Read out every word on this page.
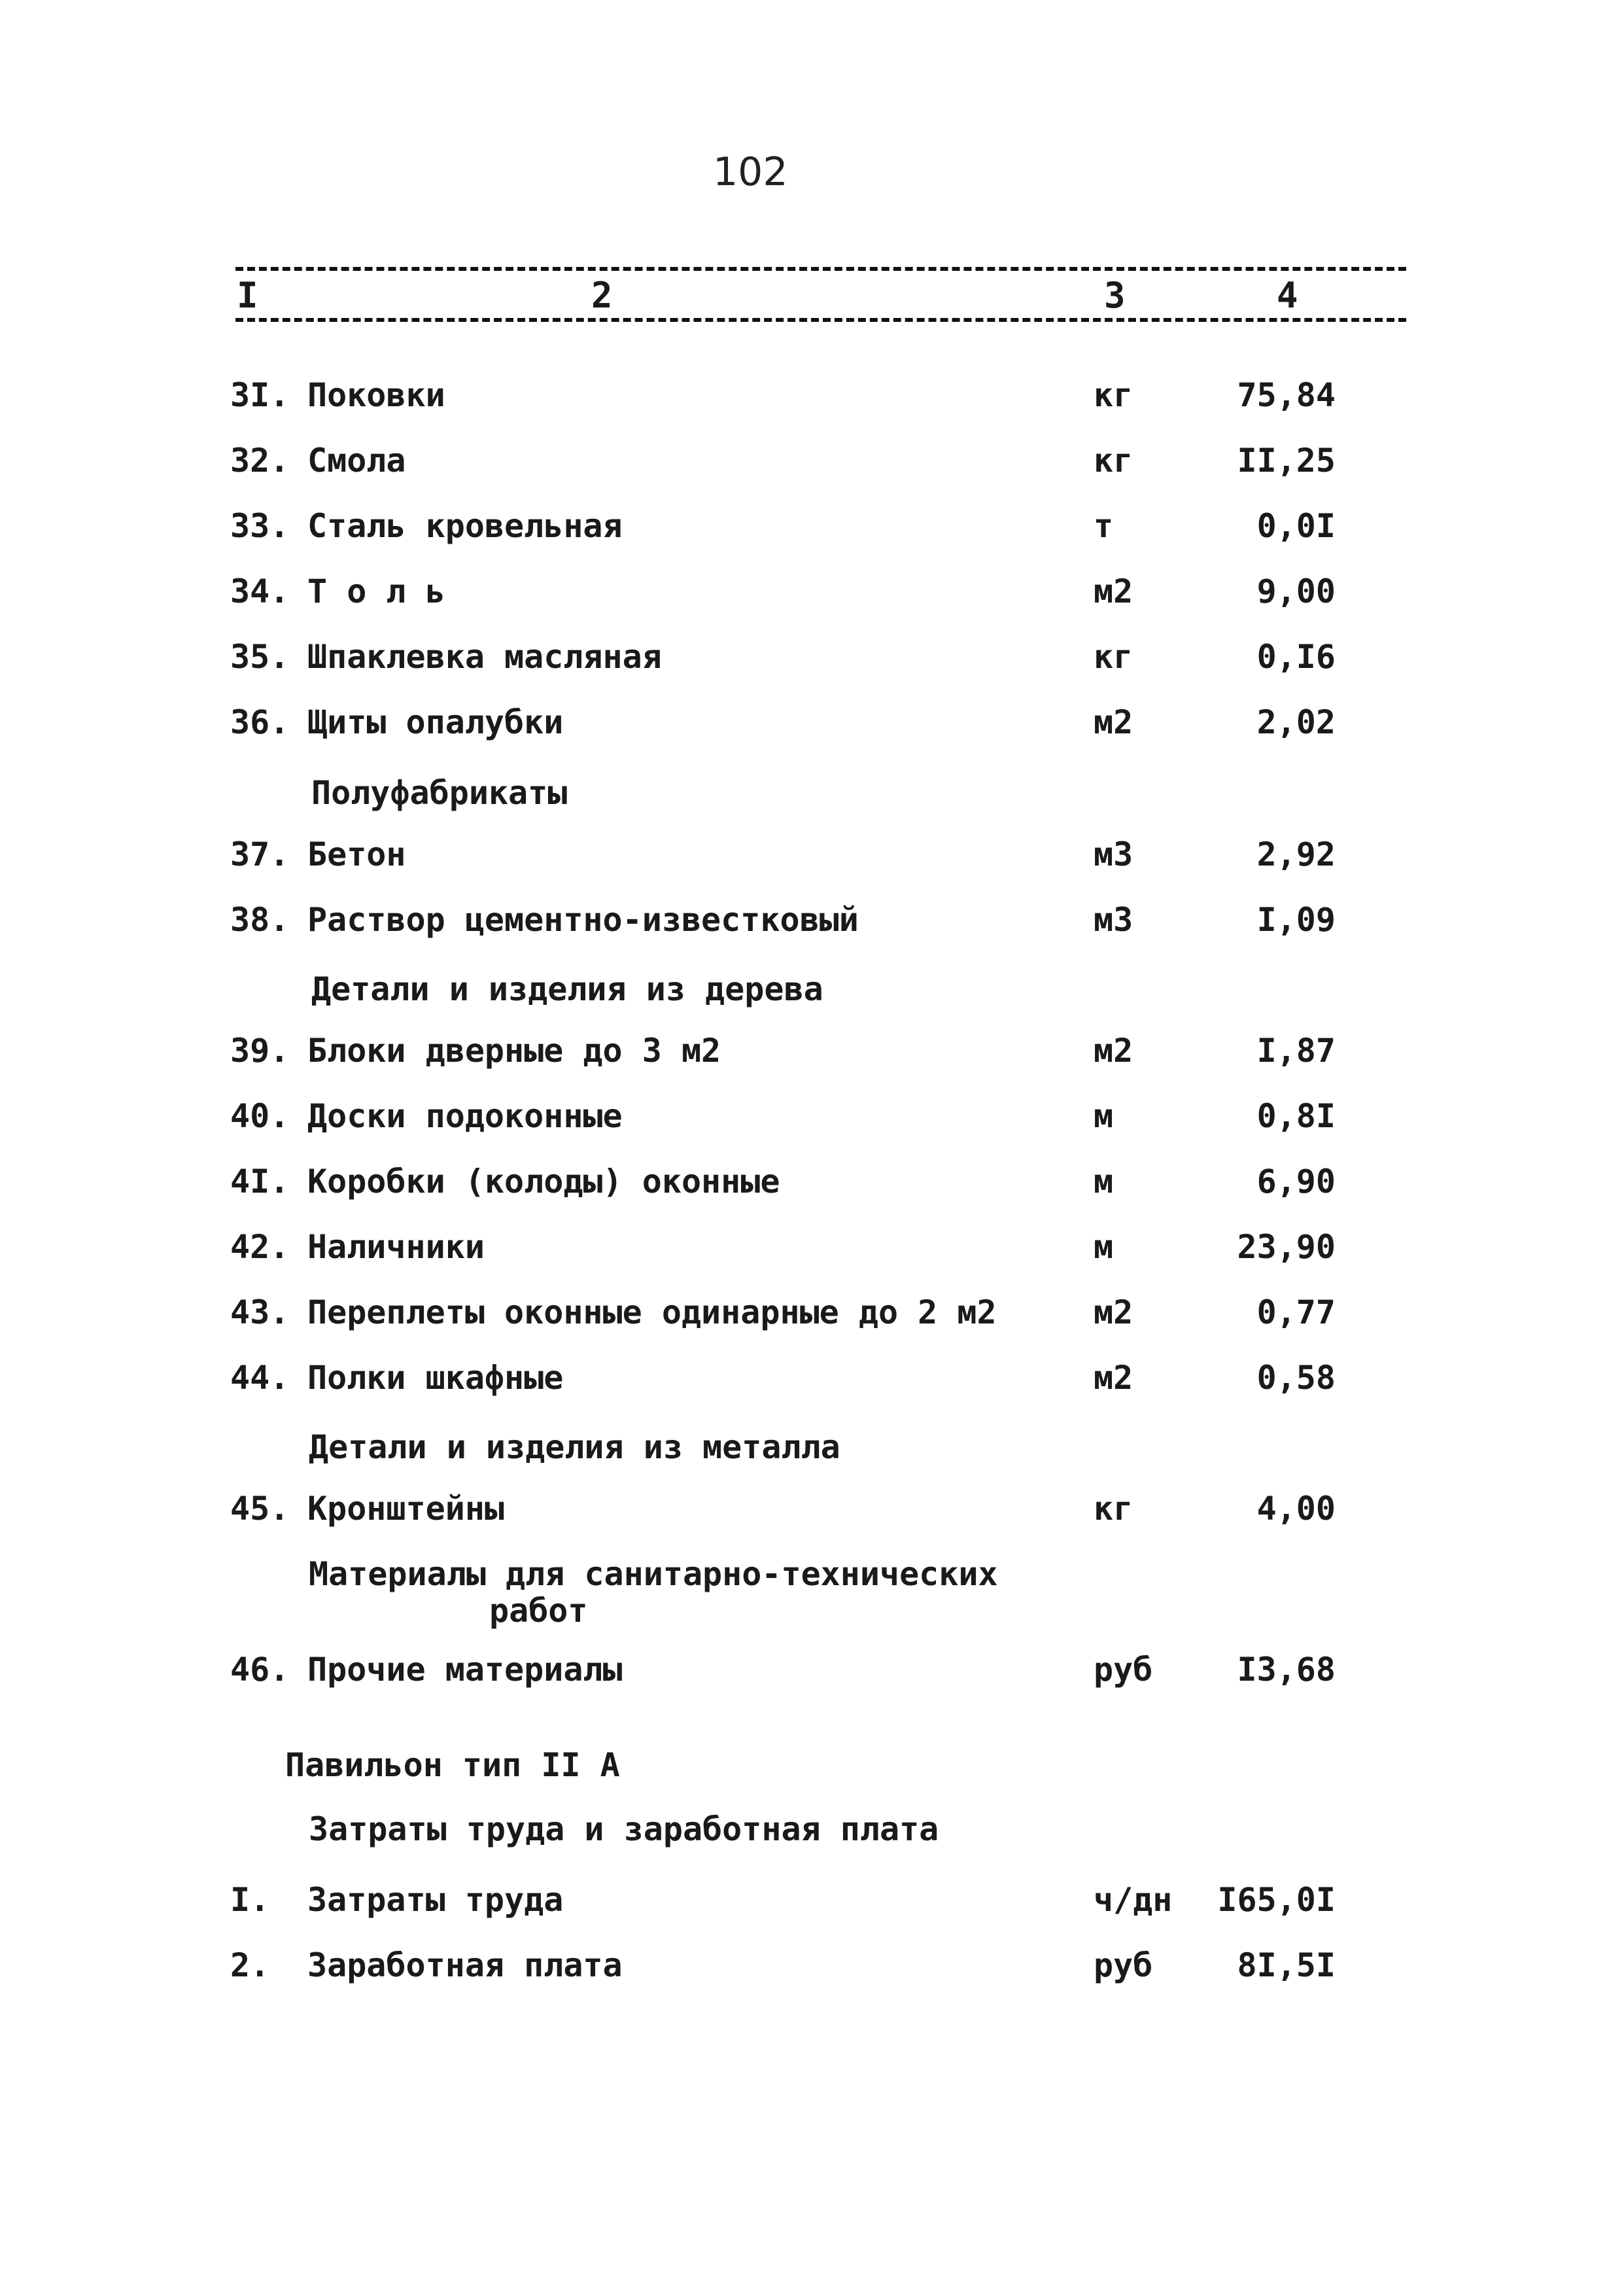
102
I	2	3	4
3I. Поковки	кг	75,84
32. Смола	кг	II,25
33. Сталь кровельная	т	0,0I
34. Т о л ь	м2	9,00
35. Шпаклевка масляная	кг	0,I6
36. Щиты опалубки	м2	2,02
Полуфабрикаты
37. Бетон	м3	2,92
38. Раствор цементно-известковый	м3	I,09
Детали и изделия из дерева
39. Блоки дверные до 3 м2	м2	I,87
40. Доски подоконные	м	0,8I
4I. Коробки (колоды) оконные	м	6,90
42. Наличники	м	23,90
43. Переплеты оконные одинарные до 2 м2	м2	0,77
44. Полки шкафные	м2	0,58
Детали и изделия из металла
45. Кронштейны	кг	4,00
Материалы для санитарно-технических
работ
46. Прочие материалы	руб	I3,68
Павильон тип II А
Затраты труда и заработная плата
I.	Затраты труда	ч/дн	I65,0I
2.	Заработная плата	руб	8I,5I
